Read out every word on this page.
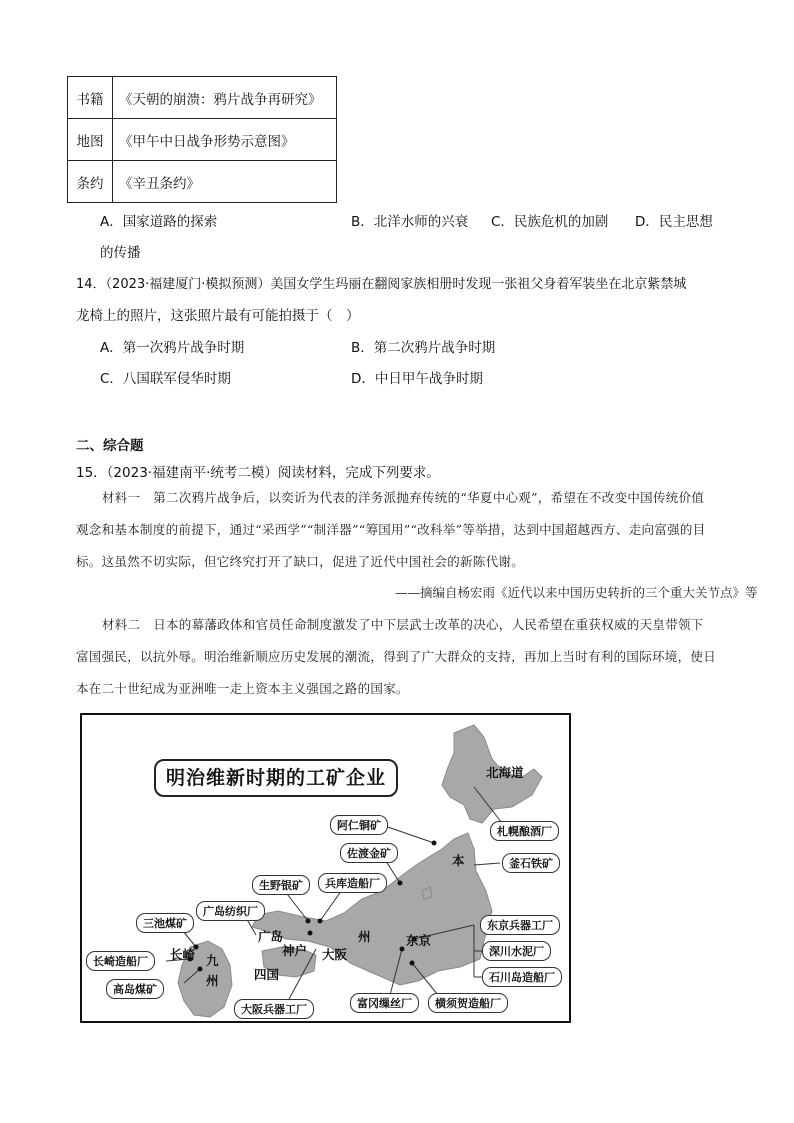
书籍	《天朝的崩溃：鸦片战争再研究》
地图	《甲午中日战争形势示意图》
条约	《辛丑条约》
A．国家道路的探索	B．北洋水师的兴衰 C．民族危机的加剧 D．民主思想
的传播
14．（2023·福建厦门·模拟预测）美国女学生玛丽在翻阅家族相册时发现一张祖父身着军装坐在北京紫禁城
龙椅上的照片，这张照片最有可能拍摄于（　）
A．第一次鸦片战争时期	B．第二次鸦片战争时期
C．八国联军侵华时期	D．中日甲午战争时期
二、综合题
15．（2023·福建南平·统考二模）阅读材料，完成下列要求。
材料一　第二次鸦片战争后，以奕䜣为代表的洋务派抛弃传统的“华夏中心观”，希望在不改变中国传统价值观念和基本制度的前提下，通过“采西学”“制洋器”“筹国用”“改科举”等举措，达到中国超越西方、走向富强的目标。这虽然不切实际，但它终究打开了缺口，促进了近代中国社会的新陈代谢。
——摘编自杨宏雨《近代以来中国历史转折的三个重大关节点》等
材料二　日本的幕藩政体和官员任命制度激发了中下层武士改革的决心，人民希望在重获权威的天皇带领下富国强民，以抗外辱。明治维新顺应历史发展的潮流，得到了广大群众的支持，再加上当时有利的国际环境，使日本在二十世纪成为亚洲唯一走上资本主义强国之路的国家。
明治维新时期的工矿企业	北海道
本
州	东京
大阪
神户
广岛
长崎 九
州	四国
札幌酿酒厂
釜石铁矿
阿仁铜矿
佐渡金矿
生野银矿	兵库造船厂
广岛纺织厂
三池煤矿
长崎造船厂
高岛煤矿
大阪兵器工厂	富冈缫丝厂	横须贺造船厂
东京兵器工厂
深川水泥厂
石川岛造船厂
